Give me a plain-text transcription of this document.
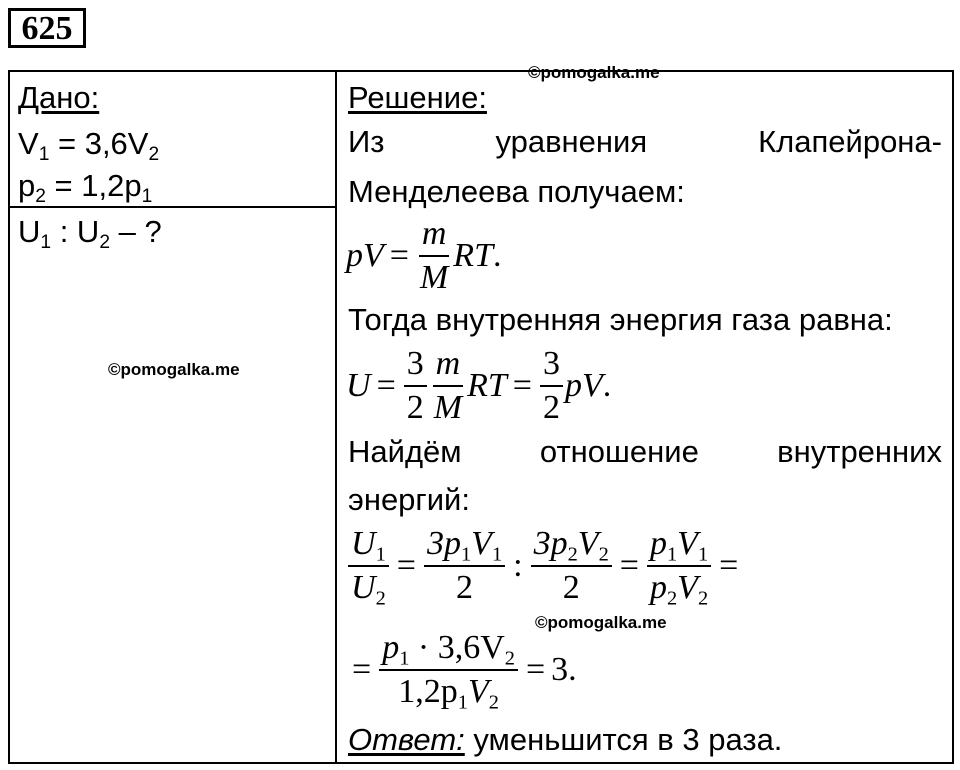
625
©pomogalka.me
©pomogalka.me
©pomogalka.me
Дано:
$V_1 = 3,6V_2$
$p_2 = 1,2p_1$
$U_1$ : $U_2$ – ?
Решение:
Из	уравнения	Клапейрона-
Менделеева получаем:
pV = $\frac{m}{M}$ RT .
Тогда внутренняя энергия газа равна:
$U = \frac{3}{2} \frac{m}{M}$ RT = $\frac{3}{2}$ pV .
Найдём	отношение	внутренних
энергий:
$\frac{U_1}{U_2} = \frac{3p_1V_1}{2}$ : $\frac{3p_2V_2}{2} = \frac{p_1V_1}{p_2V_2}$ =
= $\frac{p_1 \cdot 3,6V_2}{1,2p_1V_2} = 3$ .
Ответ: уменьшится в 3 раза.
